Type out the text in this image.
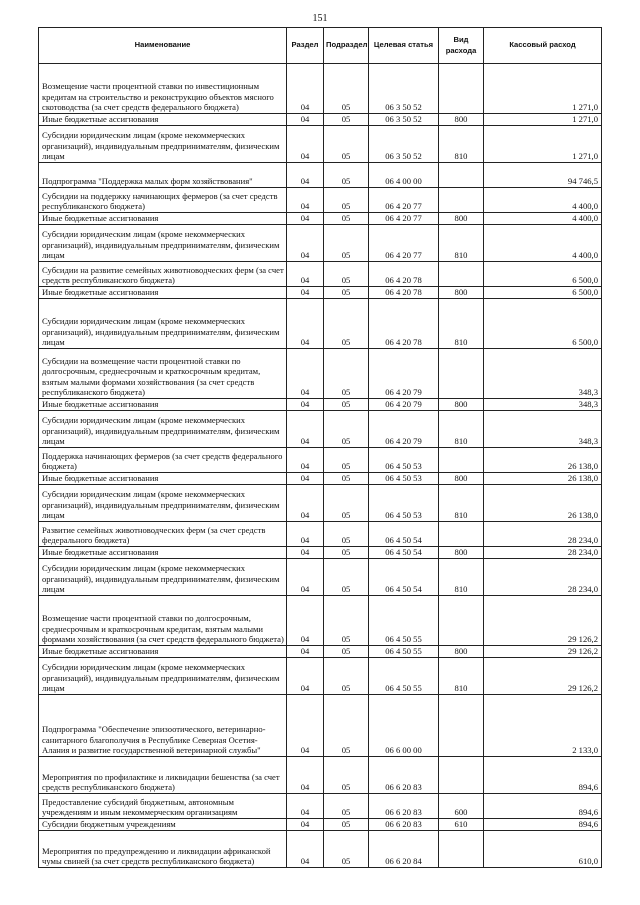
151
Наименование	Раздел	Подраздел	Целевая статья	Вид расхода	Кассовый расход
Возмещение части процентной ставки по инвестиционным кредитам на строительство и реконструкцию объектов мясного скотоводства (за счет средств федерального бюджета)	04	05	06 3 50 52		1 271,0
Иные бюджетные ассигнования	04	05	06 3 50 52	800	1 271,0
Субсидии юридическим лицам (кроме некоммерческих организаций), индивидуальным предпринимателям, физическим лицам	04	05	06 3 50 52	810	1 271,0
Подпрограмма "Поддержка малых форм хозяйствования"	04	05	06 4 00 00		94 746,5
Субсидии на поддержку начинающих фермеров (за счет средств республиканского бюджета)	04	05	06 4 20 77		4 400,0
Иные бюджетные ассигнования	04	05	06 4 20 77	800	4 400,0
Субсидии юридическим лицам (кроме некоммерческих организаций), индивидуальным предпринимателям, физическим лицам	04	05	06 4 20 77	810	4 400,0
Субсидии на развитие семейных животноводческих ферм (за счет средств республиканского бюджета)	04	05	06 4 20 78		6 500,0
Иные бюджетные ассигнования	04	05	06 4 20 78	800	6 500,0
Субсидии юридическим лицам (кроме некоммерческих организаций), индивидуальным предпринимателям, физическим лицам	04	05	06 4 20 78	810	6 500,0
Субсидии на возмещение части процентной ставки по долгосрочным, среднесрочным и краткосрочным кредитам, взятым малыми формами хозяйствования (за счет средств республиканского бюджета)	04	05	06 4 20 79		348,3
Иные бюджетные ассигнования	04	05	06 4 20 79	800	348,3
Субсидии юридическим лицам (кроме некоммерческих организаций), индивидуальным предпринимателям, физическим лицам	04	05	06 4 20 79	810	348,3
Поддержка начинающих фермеров (за счет средств федерального бюджета)	04	05	06 4 50 53		26 138,0
Иные бюджетные ассигнования	04	05	06 4 50 53	800	26 138,0
Субсидии юридическим лицам (кроме некоммерческих организаций), индивидуальным предпринимателям, физическим лицам	04	05	06 4 50 53	810	26 138,0
Развитие семейных животноводческих ферм (за счет средств федерального бюджета)	04	05	06 4 50 54		28 234,0
Иные бюджетные ассигнования	04	05	06 4 50 54	800	28 234,0
Субсидии юридическим лицам (кроме некоммерческих организаций), индивидуальным предпринимателям, физическим лицам	04	05	06 4 50 54	810	28 234,0
Возмещение части процентной ставки по долгосрочным, среднесрочным и краткосрочным кредитам, взятым малыми формами хозяйствования (за счет средств федерального бюджета)	04	05	06 4 50 55		29 126,2
Иные бюджетные ассигнования	04	05	06 4 50 55	800	29 126,2
Субсидии юридическим лицам (кроме некоммерческих организаций), индивидуальным предпринимателям, физическим лицам	04	05	06 4 50 55	810	29 126,2
Подпрограмма "Обеспечение эпизоотического, ветеринарно-санитарного благополучия в Республике Северная Осетия-Алания и развитие государственной ветеринарной службы"	04	05	06 6 00 00		2 133,0
Мероприятия по профилактике и ликвидации бешенства (за счет средств республиканского бюджета)	04	05	06 6 20 83		894,6
Предоставление субсидий бюджетным, автономным учреждениям и иным некоммерческим организациям	04	05	06 6 20 83	600	894,6
Субсидии бюджетным учреждениям	04	05	06 6 20 83	610	894,6
Мероприятия по предупреждению и ликвидации африканской чумы свиней (за счет средств республиканского бюджета)	04	05	06 6 20 84		610,0
